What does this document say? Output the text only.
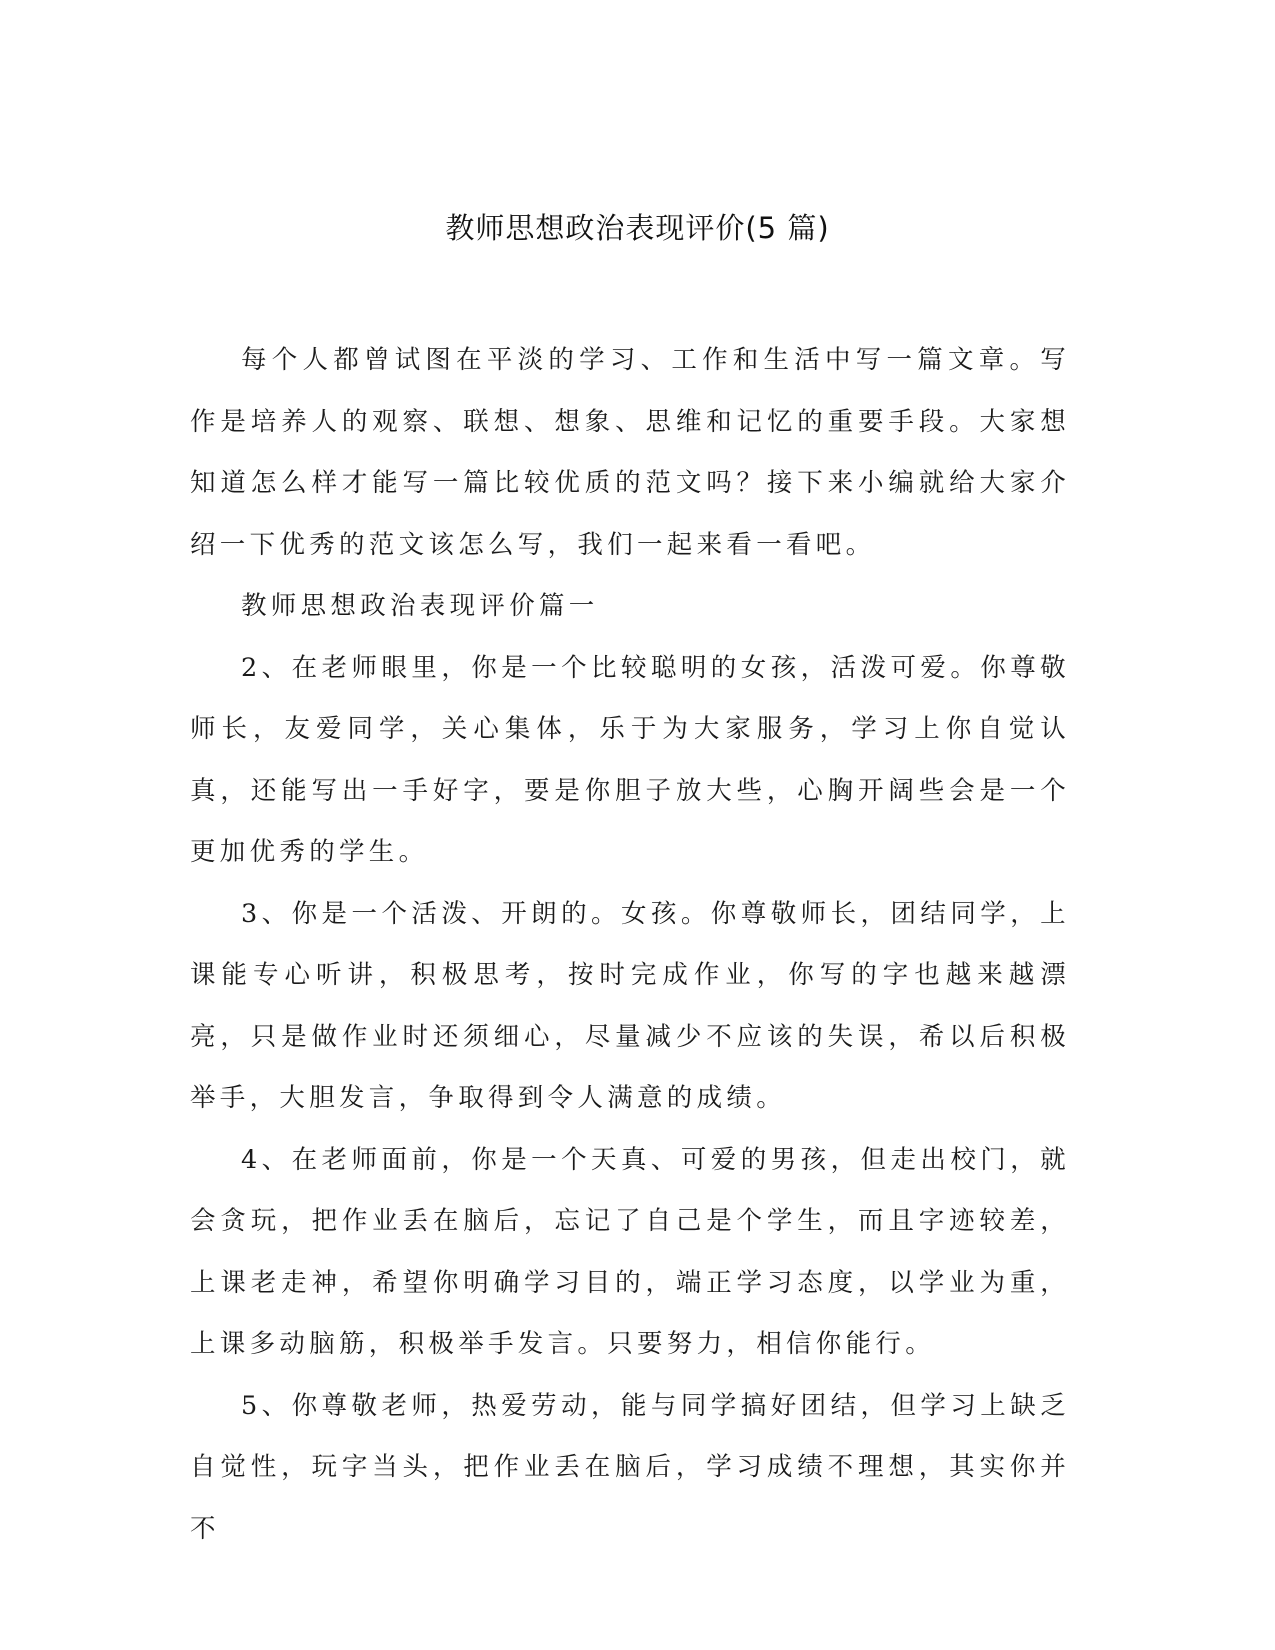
教师思想政治表现评价(5 篇)

每个人都曾试图在平淡的学习、工作和生活中写一篇文章。写作是培养人的观察、联想、想象、思维和记忆的重要手段。大家想知道怎么样才能写一篇比较优质的范文吗？接下来小编就给大家介绍一下优秀的范文该怎么写，我们一起来看一看吧。

教师思想政治表现评价篇一

2、在老师眼里，你是一个比较聪明的女孩，活泼可爱。你尊敬师长，友爱同学，关心集体，乐于为大家服务，学习上你自觉认真，还能写出一手好字，要是你胆子放大些，心胸开阔些会是一个更加优秀的学生。

3、你是一个活泼、开朗的。女孩。你尊敬师长，团结同学，上课能专心听讲，积极思考，按时完成作业，你写的字也越来越漂亮，只是做作业时还须细心，尽量减少不应该的失误，希以后积极举手，大胆发言，争取得到令人满意的成绩。

4、在老师面前，你是一个天真、可爱的男孩，但走出校门，就会贪玩，把作业丢在脑后，忘记了自己是个学生，而且字迹较差，上课老走神，希望你明确学习目的，端正学习态度，以学业为重，上课多动脑筋，积极举手发言。只要努力，相信你能行。

5、你尊敬老师，热爱劳动，能与同学搞好团结，但学习上缺乏自觉性，玩字当头，把作业丢在脑后，学习成绩不理想，其实你并不
